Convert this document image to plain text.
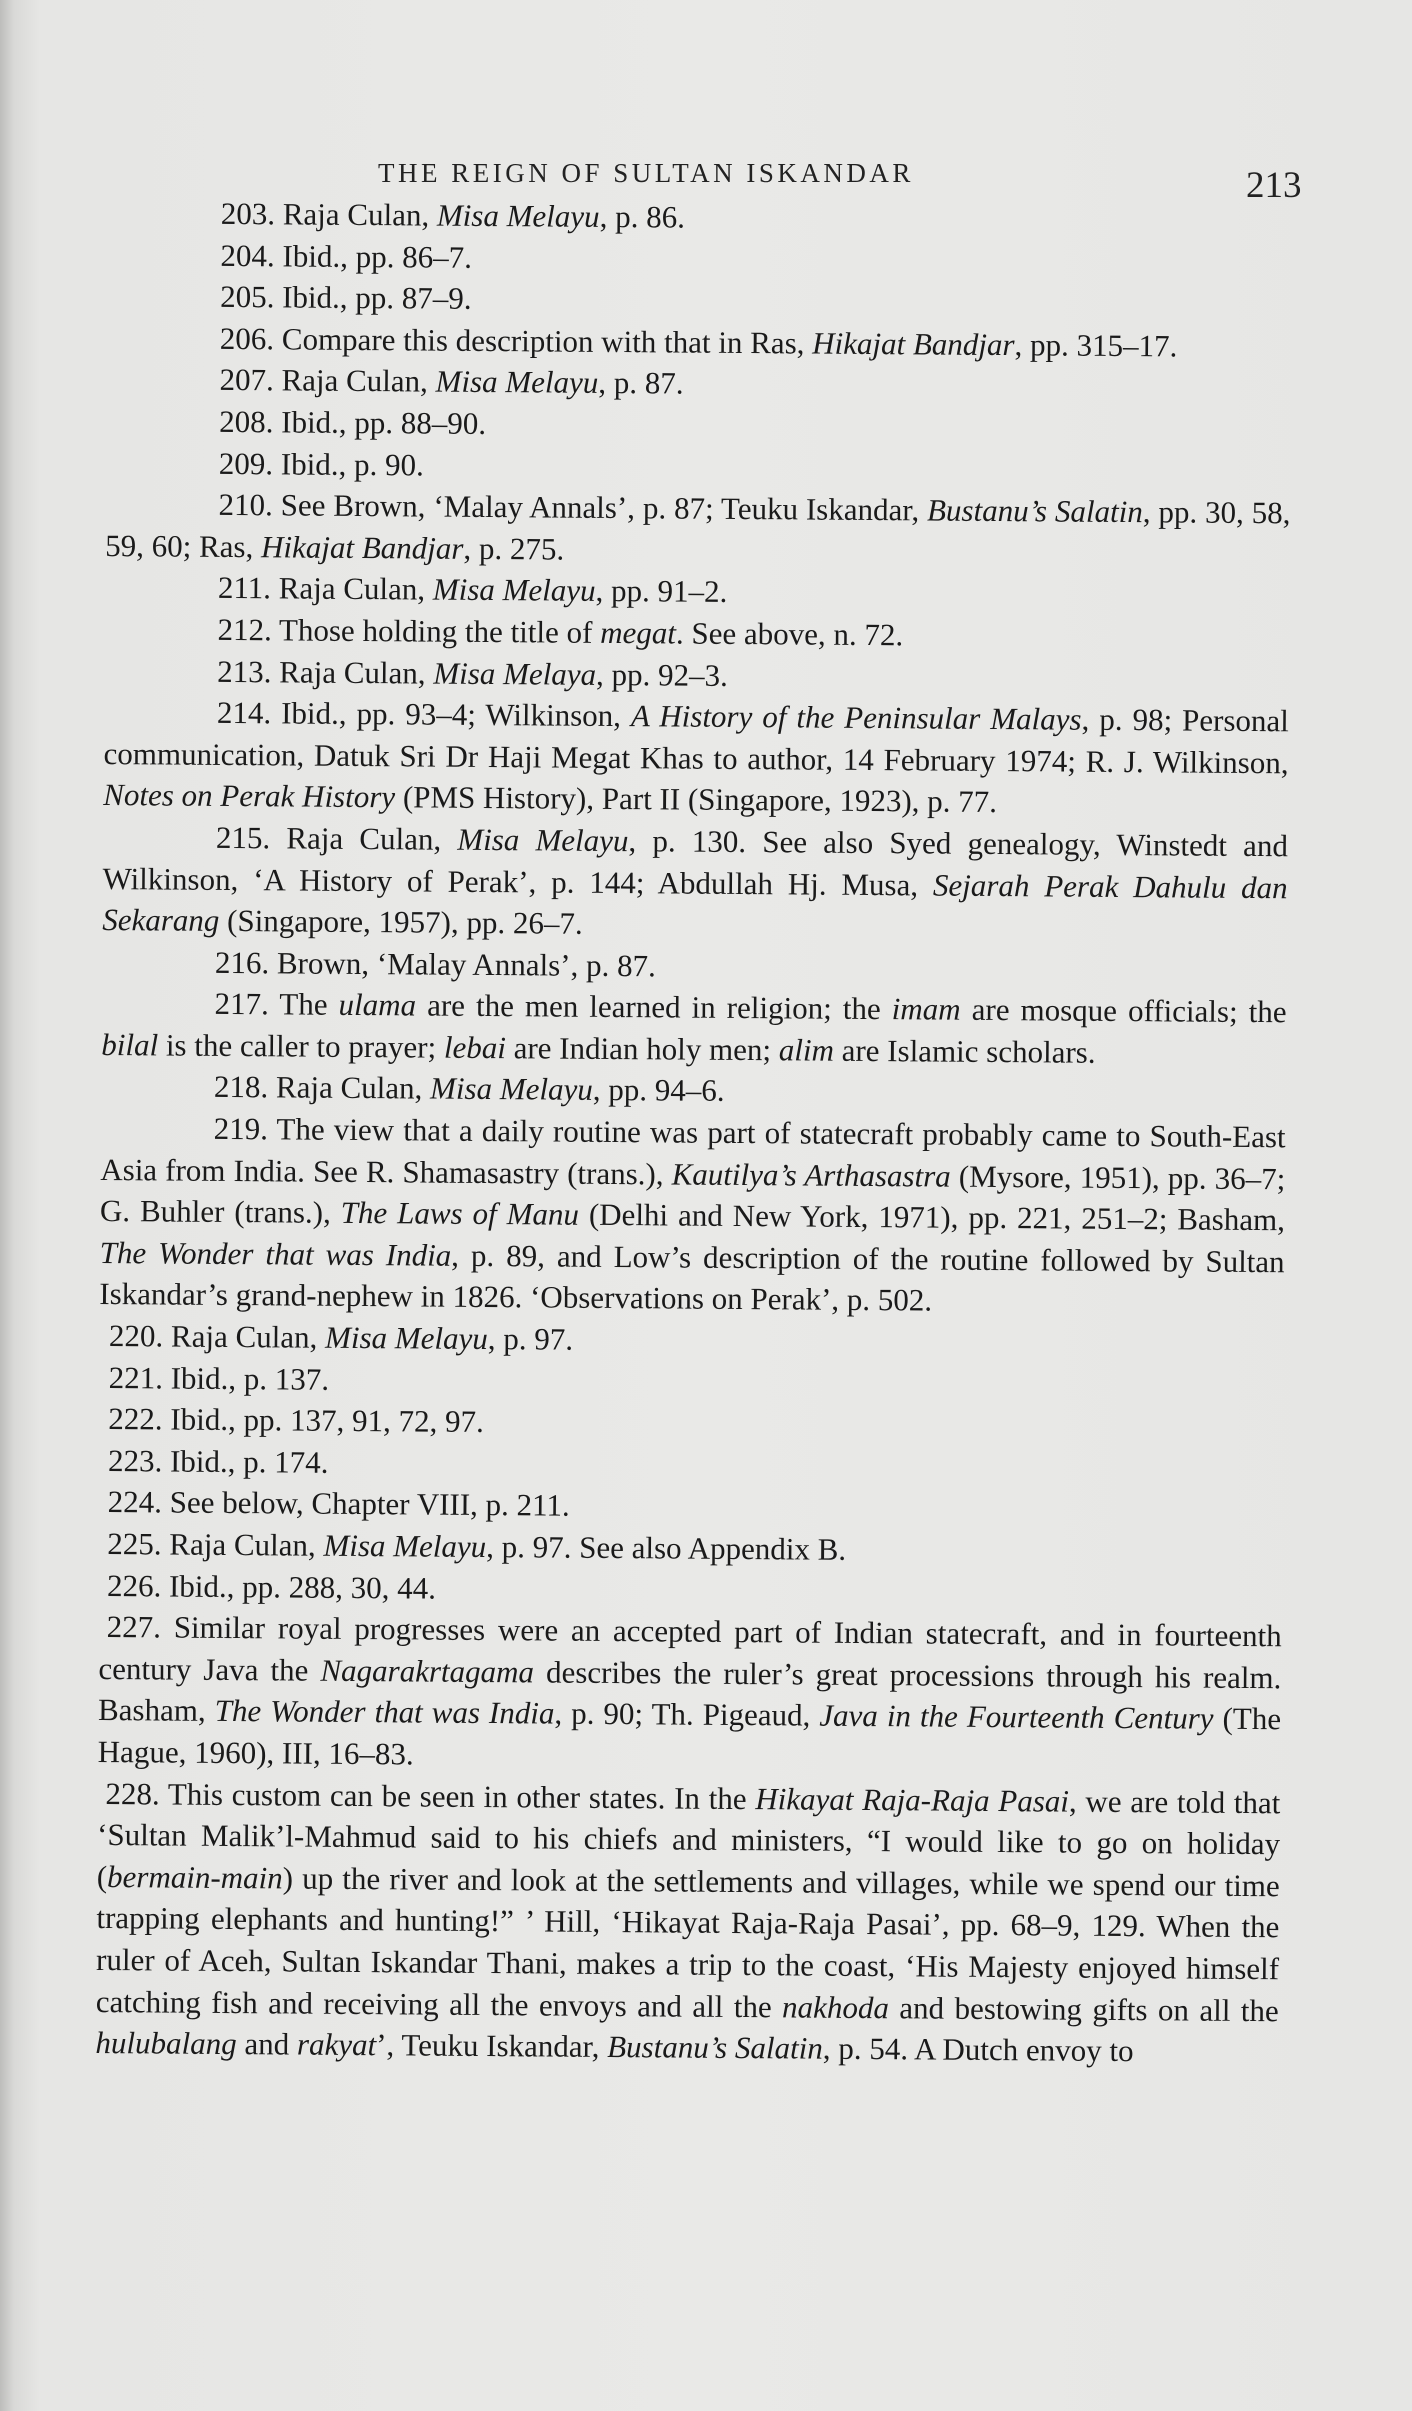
THE REIGN OF SULTAN ISKANDAR	213

203. Raja Culan, Misa Melayu, p. 86.

204. Ibid., pp. 86–7.

205. Ibid., pp. 87–9.

206. Compare this description with that in Ras, Hikajat Bandjar, pp. 315–17.

207. Raja Culan, Misa Melayu, p. 87.

208. Ibid., pp. 88–90.

209. Ibid., p. 90.

210. See Brown, ‘Malay Annals’, p. 87; Teuku Iskandar, Bustanu’s Salatin, pp. 30, 58, 59, 60; Ras, Hikajat Bandjar, p. 275.

211. Raja Culan, Misa Melayu, pp. 91–2.

212. Those holding the title of megat. See above, n. 72.

213. Raja Culan, Misa Melaya, pp. 92–3.

214. Ibid., pp. 93–4; Wilkinson, A History of the Peninsular Malays, p. 98; Personal communication, Datuk Sri Dr Haji Megat Khas to author, 14 February 1974; R. J. Wilkinson, Notes on Perak History (PMS History), Part II (Singapore, 1923), p. 77.

215. Raja Culan, Misa Melayu, p. 130. See also Syed genealogy, Winstedt and Wilkinson, ‘A History of Perak’, p. 144; Abdullah Hj. Musa, Sejarah Perak Dahulu dan Sekarang (Singapore, 1957), pp. 26–7.

216. Brown, ‘Malay Annals’, p. 87.

217. The ulama are the men learned in religion; the imam are mosque officials; the bilal is the caller to prayer; lebai are Indian holy men; alim are Islamic scholars.

218. Raja Culan, Misa Melayu, pp. 94–6.

219. The view that a daily routine was part of statecraft probably came to South-East Asia from India. See R. Shamasastry (trans.), Kautilya’s Arthasastra (Mysore, 1951), pp. 36–7; G. Buhler (trans.), The Laws of Manu (Delhi and New York, 1971), pp. 221, 251–2; Basham, The Wonder that was India, p. 89, and Low’s description of the routine followed by Sultan Iskandar’s grand-nephew in 1826. ‘Observations on Perak’, p. 502.

220. Raja Culan, Misa Melayu, p. 97.

221. Ibid., p. 137.

222. Ibid., pp. 137, 91, 72, 97.

223. Ibid., p. 174.

224. See below, Chapter VIII, p. 211.

225. Raja Culan, Misa Melayu, p. 97. See also Appendix B.

226. Ibid., pp. 288, 30, 44.

227. Similar royal progresses were an accepted part of Indian statecraft, and in fourteenth century Java the Nagarakrtagama describes the ruler’s great processions through his realm. Basham, The Wonder that was India, p. 90; Th. Pigeaud, Java in the Fourteenth Century (The Hague, 1960), III, 16–83.

228. This custom can be seen in other states. In the Hikayat Raja-Raja Pasai, we are told that ‘Sultan Malik’l-Mahmud said to his chiefs and ministers, “I would like to go on holiday (bermain-main) up the river and look at the settlements and villages, while we spend our time trapping elephants and hunting!” ’ Hill, ‘Hikayat Raja-Raja Pasai’, pp. 68–9, 129. When the ruler of Aceh, Sultan Iskandar Thani, makes a trip to the coast, ‘His Majesty enjoyed himself catching fish and receiving all the envoys and all the nakhoda and bestowing gifts on all the hulubalang and rakyat’, Teuku Iskandar, Bustanu’s Salatin, p. 54. A Dutch envoy to
